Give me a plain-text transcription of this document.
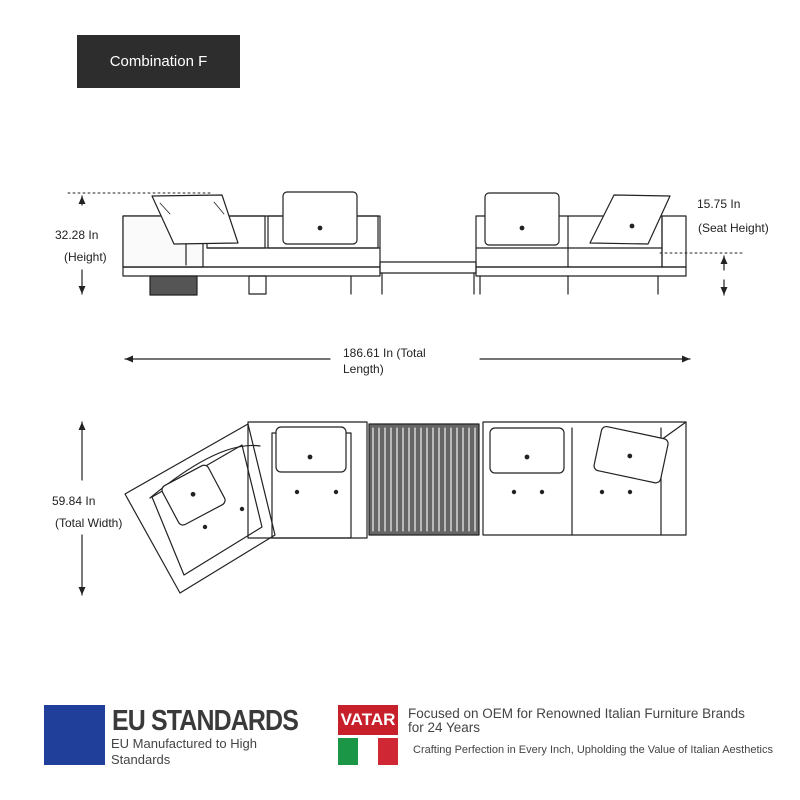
Combination F
32.28 In
(Height)
15.75 In
(Seat Height)
186.61 In (Total Length)
59.84 In
(Total Width)
EU STANDARDS
EU Manufactured to High Standards
VATAR Focused on OEM for Renowned Italian Furniture Brands for 24 Years
Crafting Perfection in Every Inch, Upholding the Value of Italian Aesthetics
